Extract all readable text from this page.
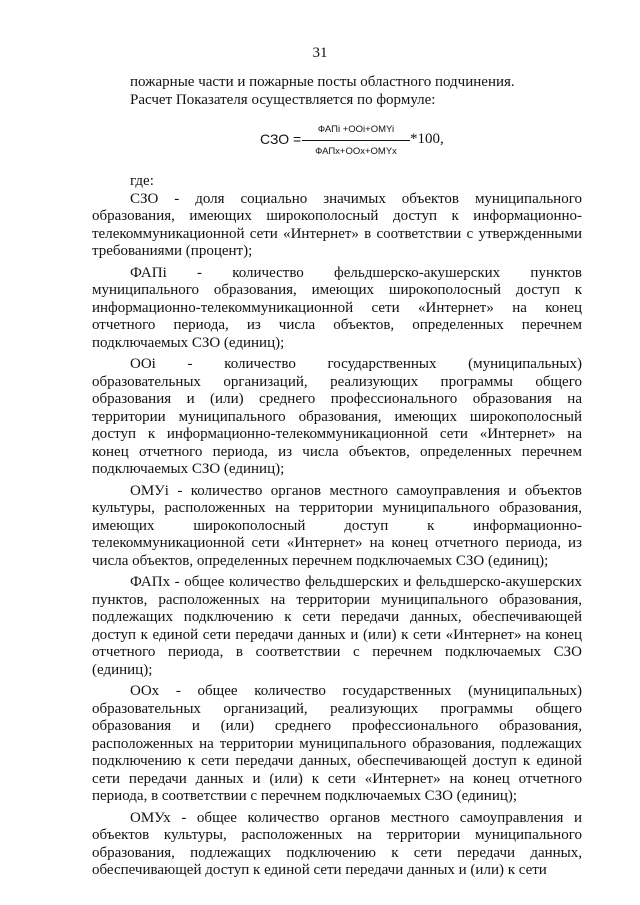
31

пожарные части и пожарные посты областного подчинения.

Расчет Показателя осуществляется по формуле:

СЗО =
ФАПi +OOi+OMYi
ФАПх+OOх+OMYх
*100,

где:

СЗО - доля социально значимых объектов муниципального образования, имеющих широкополосный доступ к информационно-телекоммуникационной сети «Интернет» в соответствии с утвержденными требованиями (процент);

ФАПi - количество фельдшерско-акушерских пунктов муниципального образования, имеющих широкополосный доступ к информационно-телекоммуникационной сети «Интернет» на конец отчетного периода, из числа объектов, определенных перечнем подключаемых СЗО (единиц);

ООi - количество государственных (муниципальных) образовательных организаций, реализующих программы общего образования и (или) среднего профессионального образования на территории муниципального образования, имеющих широкополосный доступ к информационно-телекоммуникационной сети «Интернет» на конец отчетного периода, из числа объектов, определенных перечнем подключаемых СЗО (единиц);

ОМУi - количество органов местного самоуправления и объектов культуры, расположенных на территории муниципального образования, имеющих широкополосный доступ к информационно-телекоммуникационной сети «Интернет» на конец отчетного периода, из числа объектов, определенных перечнем подключаемых СЗО (единиц);

ФАПх - общее количество фельдшерских и фельдшерско-акушерских пунктов, расположенных на территории муниципального образования, подлежащих подключению к сети передачи данных, обеспечивающей доступ к единой сети передачи данных и (или) к сети «Интернет» на конец отчетного периода, в соответствии с перечнем подключаемых СЗО (единиц);

ООх - общее количество государственных (муниципальных) образовательных организаций, реализующих программы общего образования и (или) среднего профессионального образования, расположенных на территории муниципального образования, подлежащих подключению к сети передачи данных, обеспечивающей доступ к единой сети передачи данных и (или) к сети «Интернет» на конец отчетного периода, в соответствии с перечнем подключаемых СЗО (единиц);

ОМУх - общее количество органов местного самоуправления и объектов культуры, расположенных на территории муниципального образования, подлежащих подключению к сети передачи данных, обеспечивающей доступ к единой сети передачи данных и (или) к сети
